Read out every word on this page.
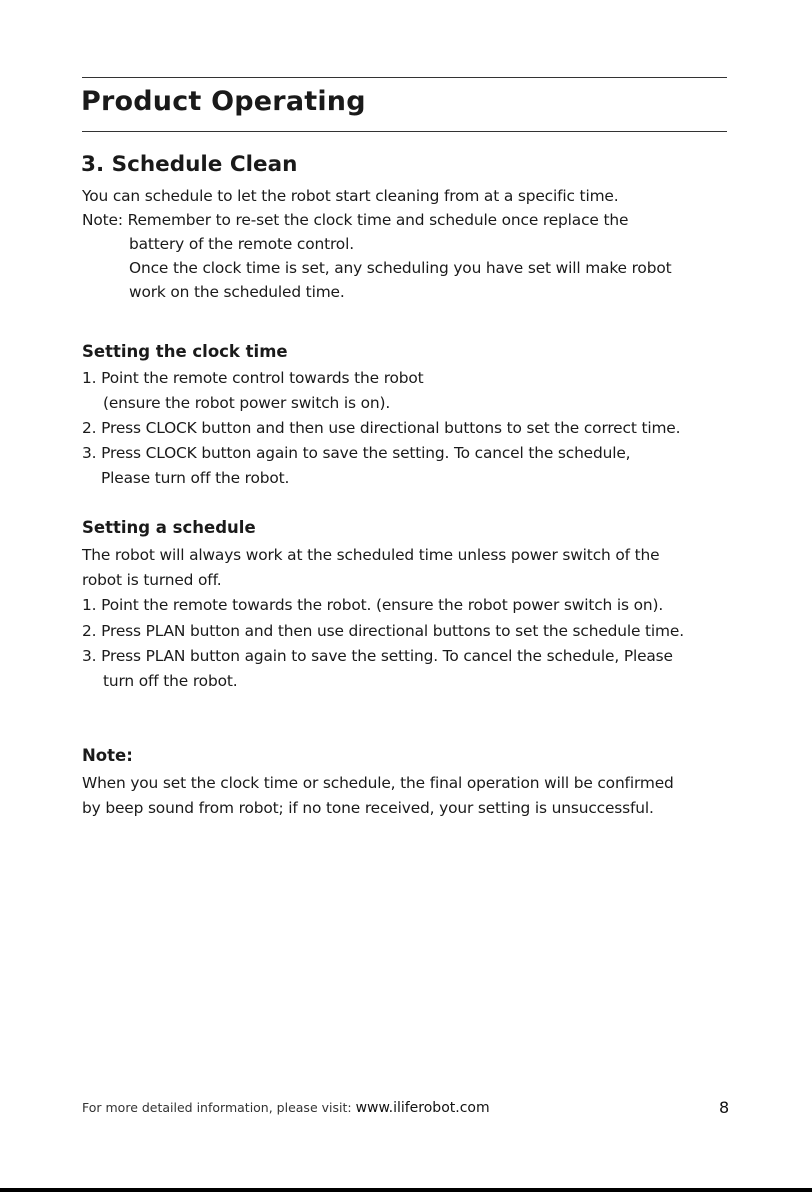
Product Operating
3. Schedule Clean
You can schedule to let the robot start cleaning from at a specific time.
Note: Remember to re-set the clock time and schedule once replace the
battery of the remote control.
Once the clock time is set, any scheduling you have set will make robot
work on the scheduled time.
Setting the clock time
1. Point the remote control towards the robot
(ensure the robot power switch is on).
2. Press CLOCK button and then use directional buttons to set the correct time.
3. Press CLOCK button again to save the setting. To cancel the schedule,
Please turn off the robot.
Setting a schedule
The robot will always work at the scheduled time unless power switch of the
robot is turned off.
1. Point the remote towards the robot. (ensure the robot power switch is on).
2. Press PLAN button and then use directional buttons to set the schedule time.
3. Press PLAN button again to save the setting. To cancel the schedule, Please
turn off the robot.
Note:
When you set the clock time or schedule, the final operation will be confirmed
by beep sound from robot; if no tone received, your setting is unsuccessful.
For more detailed information, please visit: www.iliferobot.com	8
